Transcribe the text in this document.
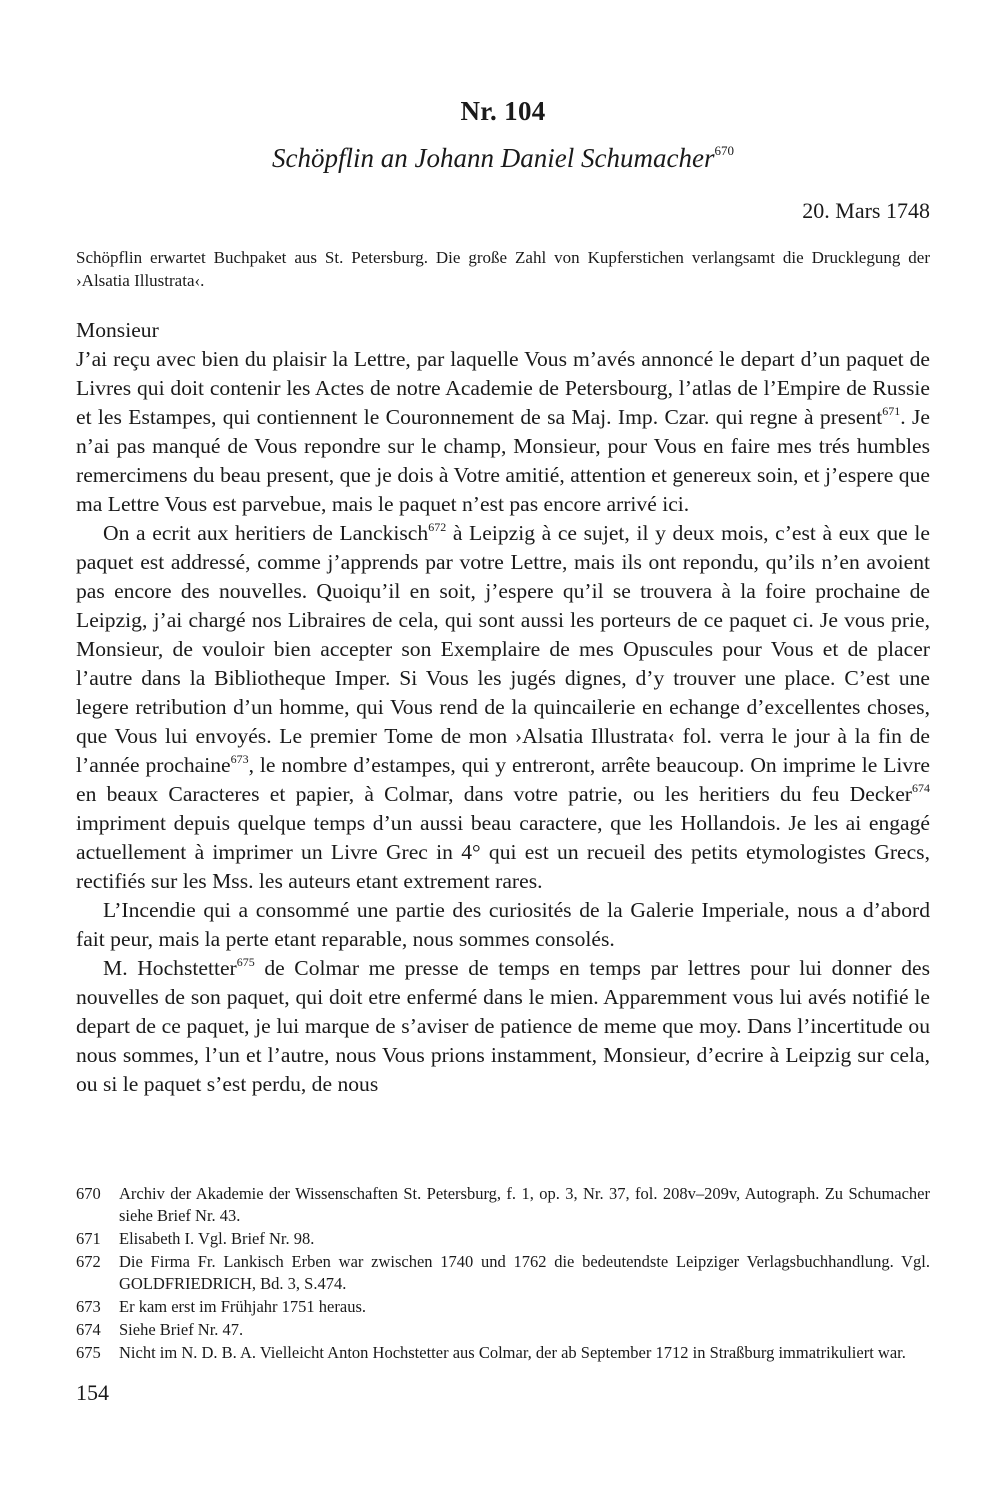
Nr. 104
Schöpflin an Johann Daniel Schumacher$^{670}$
20. Mars 1748

Schöpflin erwartet Buchpaket aus St. Petersburg. Die große Zahl von Kupferstichen verlangsamt die Drucklegung der ›Alsatia Illustrata‹.

Monsieur

J’ai reçu avec bien du plaisir la Lettre, par laquelle Vous m’avés annoncé le depart d’un paquet de Livres qui doit contenir les Actes de notre Academie de Petersbourg, l’atlas de l’Empire de Russie et les Estampes, qui contiennent le Couronnement de sa Maj. Imp. Czar. qui regne à present$^{671}$. Je n’ai pas manqué de Vous repondre sur le champ, Monsieur, pour Vous en faire mes trés humbles remercimens du beau present, que je dois à Votre amitié, attention et genereux soin, et j’espere que ma Lettre Vous est parvebue, mais le paquet n’est pas encore arrivé ici.

On a ecrit aux heritiers de Lanckisch$^{672}$ à Leipzig à ce sujet, il y deux mois, c’est à eux que le paquet est addressé, comme j’apprends par votre Lettre, mais ils ont repondu, qu’ils n’en avoient pas encore des nouvelles. Quoiqu’il en soit, j’espere qu’il se trouvera à la foire prochaine de Leipzig, j’ai chargé nos Libraires de cela, qui sont aussi les porteurs de ce paquet ci. Je vous prie, Monsieur, de vouloir bien accepter son Exemplaire de mes Opuscules pour Vous et de placer l’autre dans la Bibliotheque Imper. Si Vous les jugés dignes, d’y trouver une place. C’est une legere retribution d’un homme, qui Vous rend de la quincailerie en echange d’excellentes choses, que Vous lui envoyés. Le premier Tome de mon ›Alsatia Illustrata‹ fol. verra le jour à la fin de l’année prochaine$^{673}$, le nombre d’estampes, qui y entreront, arrête beaucoup. On imprime le Livre en beaux Caracteres et papier, à Colmar, dans votre patrie, ou les heritiers du feu Decker$^{674}$ impriment depuis quelque temps d’un aussi beau caractere, que les Hollandois. Je les ai engagé actuellement à imprimer un Livre Grec in 4° qui est un recueil des petits etymologistes Grecs, rectifiés sur les Mss. les auteurs etant extrement rares.

L’Incendie qui a consommé une partie des curiosités de la Galerie Imperiale, nous a d’abord fait peur, mais la perte etant reparable, nous sommes consolés.

M. Hochstetter$^{675}$ de Colmar me presse de temps en temps par lettres pour lui donner des nouvelles de son paquet, qui doit etre enfermé dans le mien. Apparemment vous lui avés notifié le depart de ce paquet, je lui marque de s’aviser de patience de meme que moy. Dans l’incertitude ou nous sommes, l’un et l’autre, nous Vous prions instamment, Monsieur, d’ecrire à Leipzig sur cela, ou si le paquet s’est perdu, de nous

670	Archiv der Akademie der Wissenschaften St. Petersburg, f. 1, op. 3, Nr. 37, fol. 208v–209v, Autograph. Zu Schumacher siehe Brief Nr. 43.
671	Elisabeth I. Vgl. Brief Nr. 98.
672	Die Firma Fr. Lankisch Erben war zwischen 1740 und 1762 die bedeutendste Leipziger Verlagsbuchhandlung. Vgl. GOLDFRIEDRICH, Bd. 3, S.474.
673	Er kam erst im Frühjahr 1751 heraus.
674	Siehe Brief Nr. 47.
675	Nicht im N. D. B. A. Vielleicht Anton Hochstetter aus Colmar, der ab September 1712 in Straßburg immatrikuliert war.
154
